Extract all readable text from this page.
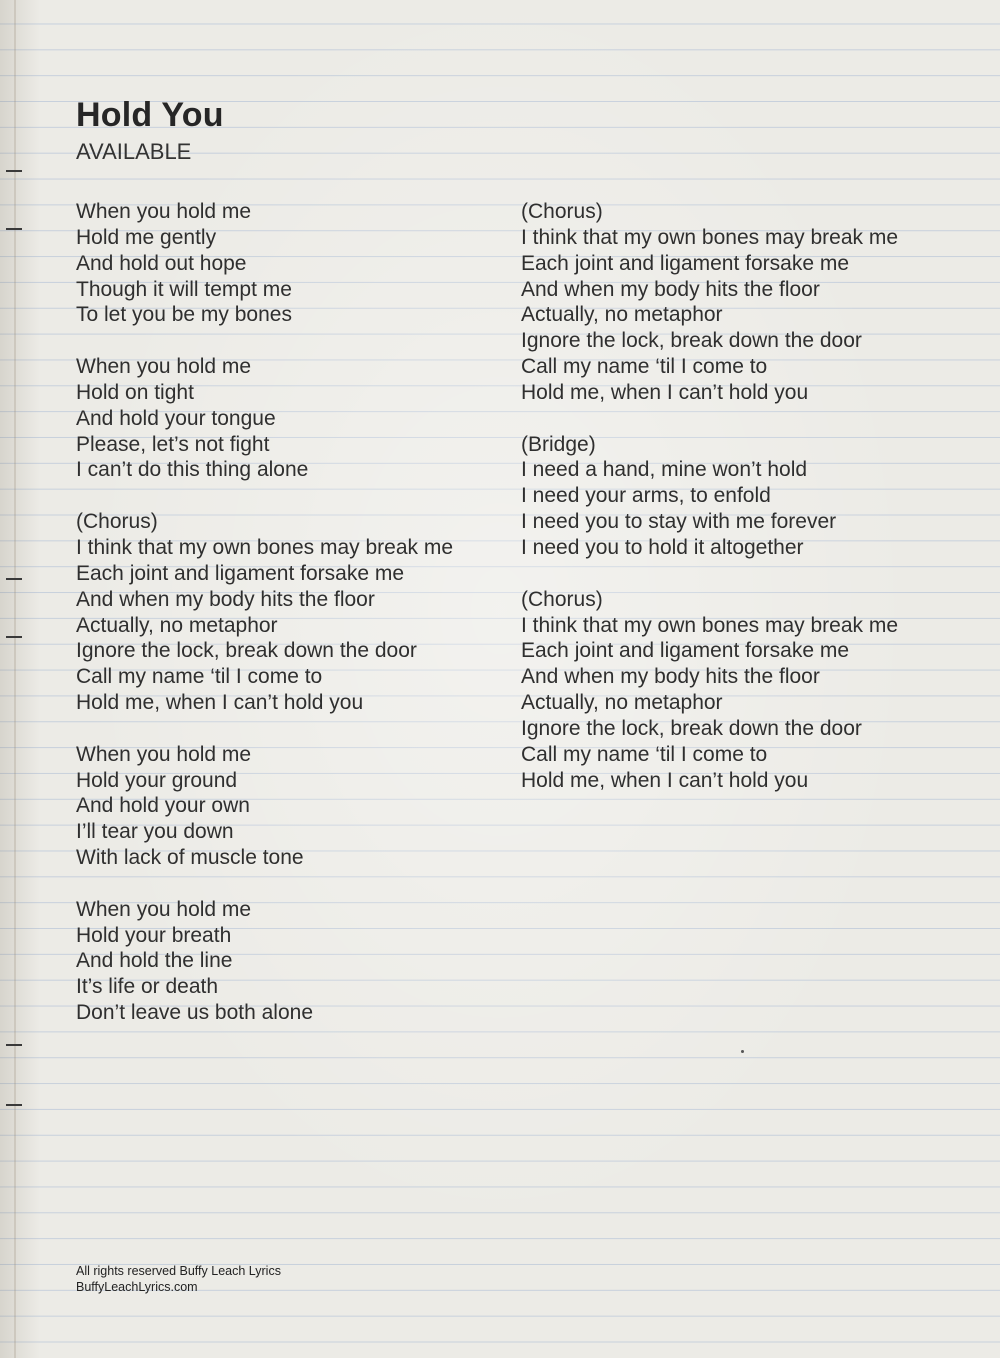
Hold You
AVAILABLE
When you hold me
Hold me gently
And hold out hope
Though it will tempt me
To let you be my bones
When you hold me
Hold on tight
And hold your tongue
Please, let’s not fight
I can’t do this thing alone
(Chorus)
I think that my own bones may break me
Each joint and ligament forsake me
And when my body hits the floor
Actually, no metaphor
Ignore the lock, break down the door
Call my name ‘til I come to
Hold me, when I can’t hold you
When you hold me
Hold your ground
And hold your own
I’ll tear you down
With lack of muscle tone
When you hold me
Hold your breath
And hold the line
It’s life or death
Don’t leave us both alone
(Chorus)
I think that my own bones may break me
Each joint and ligament forsake me
And when my body hits the floor
Actually, no metaphor
Ignore the lock, break down the door
Call my name ‘til I come to
Hold me, when I can’t hold you
(Bridge)
I need a hand, mine won’t hold
I need your arms, to enfold
I need you to stay with me forever
I need you to hold it altogether
(Chorus)
I think that my own bones may break me
Each joint and ligament forsake me
And when my body hits the floor
Actually, no metaphor
Ignore the lock, break down the door
Call my name ‘til I come to
Hold me, when I can’t hold you
All rights reserved Buffy Leach Lyrics
BuffyLeachLyrics.com
